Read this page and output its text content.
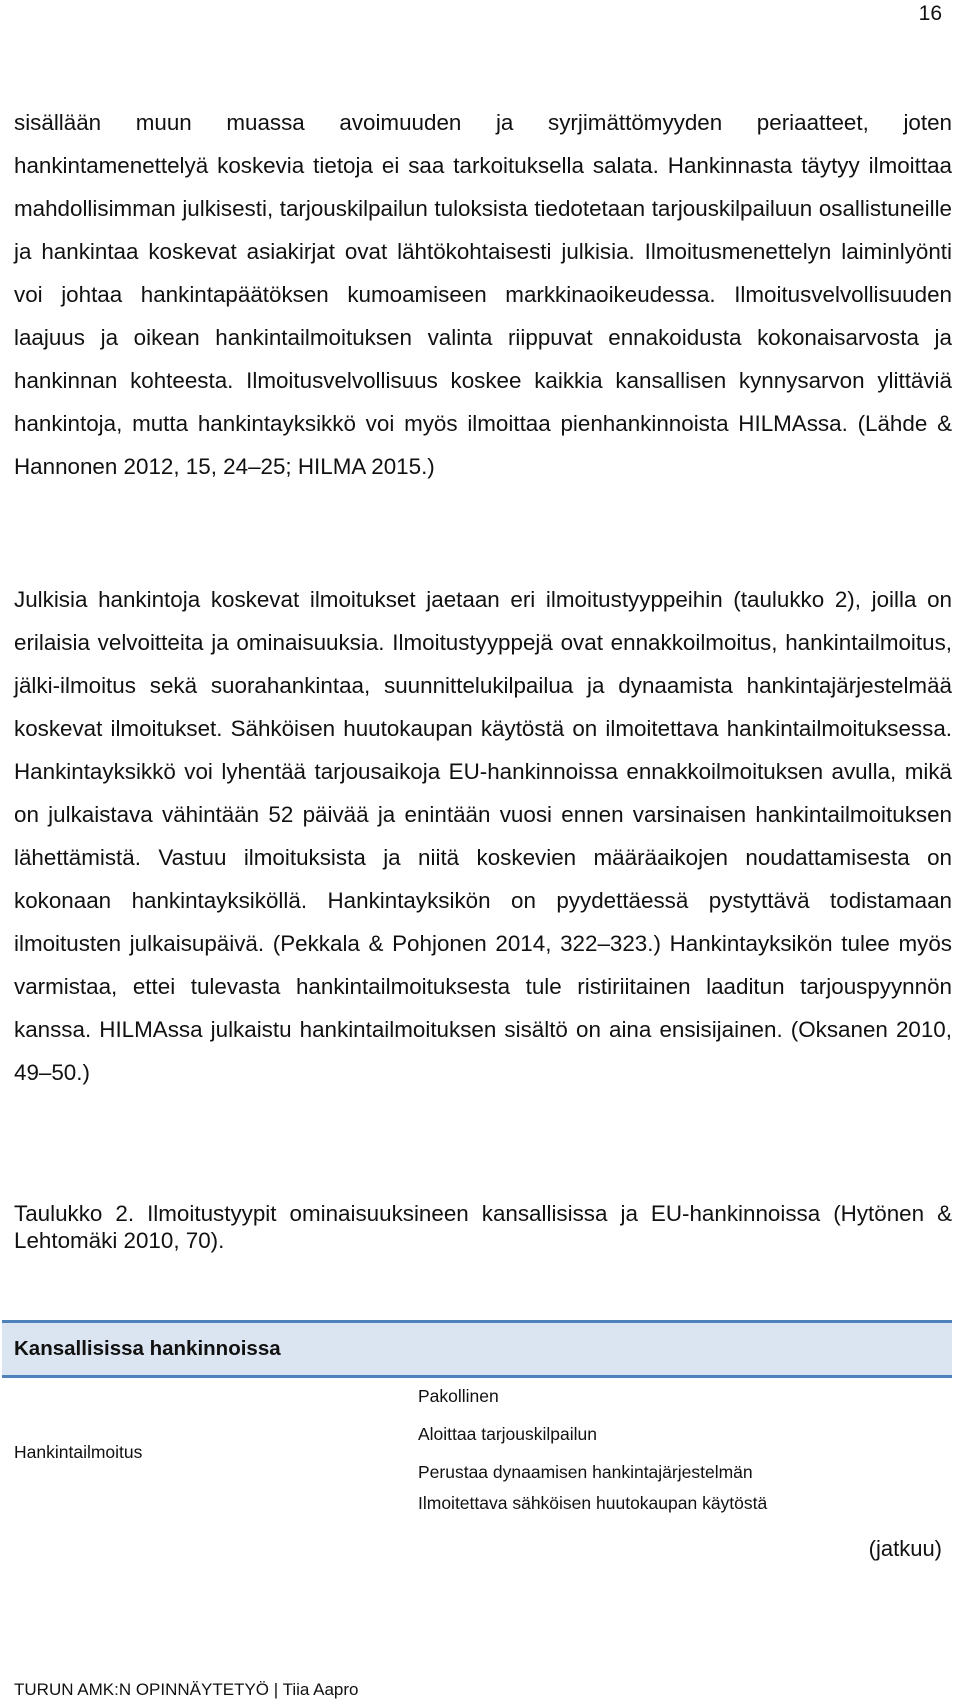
16

sisällään muun muassa avoimuuden ja syrjimättömyyden periaatteet, joten hankintamenettelyä koskevia tietoja ei saa tarkoituksella salata. Hankinnasta täytyy ilmoittaa mahdollisimman julkisesti, tarjouskilpailun tuloksista tiedotetaan tarjouskilpailuun osallistuneille ja hankintaa koskevat asiakirjat ovat lähtökohtaisesti julkisia. Ilmoitusmenettelyn laiminlyönti voi johtaa hankintapäätöksen kumoamiseen markkinaoikeudessa. Ilmoitusvelvollisuuden laajuus ja oikean hankintailmoituksen valinta riippuvat ennakoidusta kokonaisarvosta ja hankinnan kohteesta. Ilmoitusvelvollisuus koskee kaikkia kansallisen kynnysarvon ylittäviä hankintoja, mutta hankintayksikkö voi myös ilmoittaa pienhankinnoista HILMAssa. (Lähde & Hannonen 2012, 15, 24–25; HILMA 2015.)

Julkisia hankintoja koskevat ilmoitukset jaetaan eri ilmoitustyyppeihin (taulukko 2), joilla on erilaisia velvoitteita ja ominaisuuksia. Ilmoitustyyppejä ovat ennakkoilmoitus, hankintailmoitus, jälki-ilmoitus sekä suorahankintaa, suunnittelukilpailua ja dynaamista hankintajärjestelmää koskevat ilmoitukset. Sähköisen huutokaupan käytöstä on ilmoitettava hankintailmoituksessa. Hankintayksikkö voi lyhentää tarjousaikoja EU-hankinnoissa ennakkoilmoituksen avulla, mikä on julkaistava vähintään 52 päivää ja enintään vuosi ennen varsinaisen hankintailmoituksen lähettämistä. Vastuu ilmoituksista ja niitä koskevien määräaikojen noudattamisesta on kokonaan hankintayksiköllä. Hankintayksikön on pyydettäessä pystyttävä todistamaan ilmoitusten julkaisupäivä. (Pekkala & Pohjonen 2014, 322–323.) Hankintayksikön tulee myös varmistaa, ettei tulevasta hankintailmoituksesta tule ristiriitainen laaditun tarjouspyynnön kanssa. HILMAssa julkaistu hankintailmoituksen sisältö on aina ensisijainen. (Oksanen 2010, 49–50.)

Taulukko 2. Ilmoitustyypit ominaisuuksineen kansallisissa ja EU-hankinnoissa (Hytönen & Lehtomäki 2010, 70).

Kansallisissa hankinnoissa
Hankintailmoitus
Pakollinen
Aloittaa tarjouskilpailun
Perustaa dynaamisen hankintajärjestelmän
Ilmoitettava sähköisen huutokaupan käytöstä
(jatkuu)
TURUN AMK:N OPINNÄYTETYÖ | Tiia Aapro
